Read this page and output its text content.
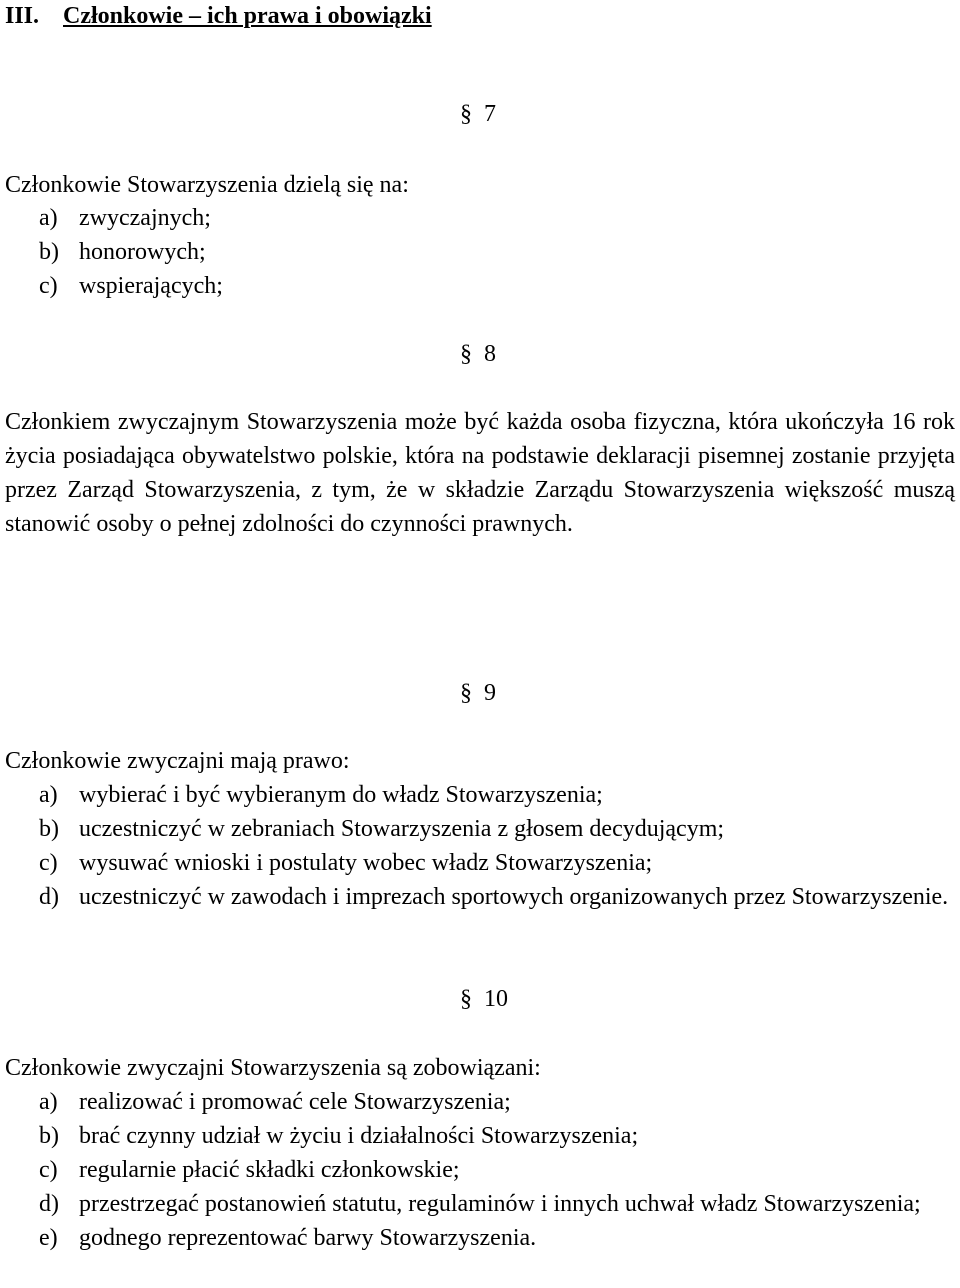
III. Członkowie – ich prawa i obowiązki
§ 7
Członkowie Stowarzyszenia dzielą się na:
a) zwyczajnych;
b) honorowych;
c) wspierających;
§ 8
Członkiem zwyczajnym Stowarzyszenia może być każda osoba fizyczna, która ukończyła 16 rok życia posiadająca obywatelstwo polskie, która na podstawie deklaracji pisemnej zostanie przyjęta przez Zarząd Stowarzyszenia, z tym, że w składzie Zarządu Stowarzyszenia większość muszą stanowić osoby o pełnej zdolności do czynności prawnych.
§ 9
Członkowie zwyczajni mają prawo:
a) wybierać i być wybieranym do władz Stowarzyszenia;
b) uczestniczyć w zebraniach Stowarzyszenia z głosem decydującym;
c) wysuwać wnioski i postulaty wobec władz Stowarzyszenia;
d) uczestniczyć w zawodach i imprezach sportowych organizowanych przez Stowarzyszenie.
§ 10
Członkowie zwyczajni Stowarzyszenia są zobowiązani:
a) realizować i promować cele Stowarzyszenia;
b) brać czynny udział w życiu i działalności Stowarzyszenia;
c) regularnie płacić składki członkowskie;
d) przestrzegać postanowień statutu, regulaminów i innych uchwał władz Stowarzyszenia;
e) godnego reprezentować barwy Stowarzyszenia.
